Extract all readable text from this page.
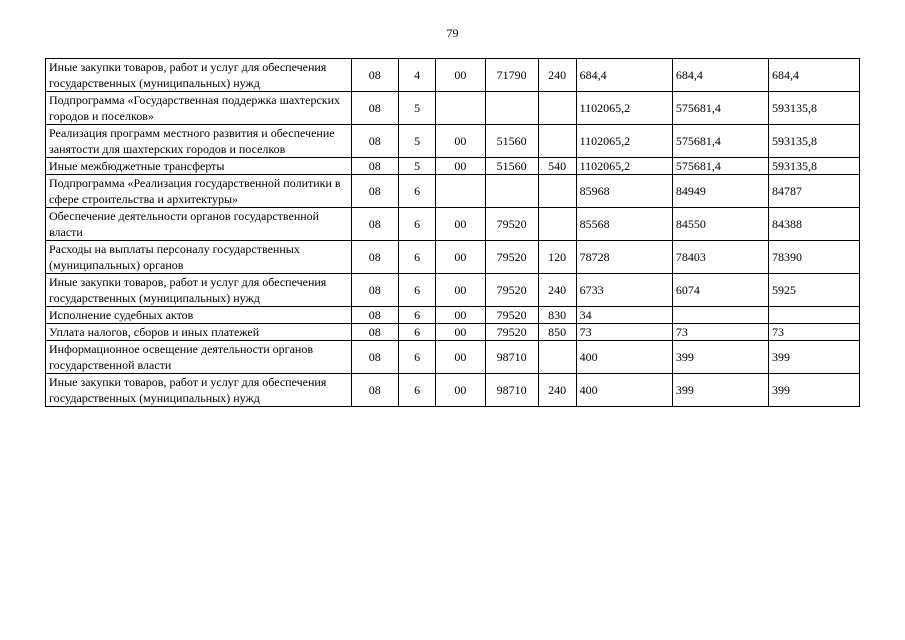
79
Иные закупки товаров, работ и услуг для обеспечения государственных (муниципальных) нужд	08	4	00	71790	240	684,4	684,4	684,4
Подпрограмма «Государственная поддержка шахтерских городов и поселков»	08	5				1102065,2	575681,4	593135,8
Реализация программ местного развития и обеспечение занятости для шахтерских городов и поселков	08	5	00	51560		1102065,2	575681,4	593135,8
Иные межбюджетные трансферты	08	5	00	51560	540	1102065,2	575681,4	593135,8
Подпрограмма «Реализация государственной политики в сфере строительства и архитектуры»	08	6				85968	84949	84787
Обеспечение деятельности органов государственной власти	08	6	00	79520		85568	84550	84388
Расходы на выплаты персоналу государственных (муниципальных) органов	08	6	00	79520	120	78728	78403	78390
Иные закупки товаров, работ и услуг для обеспечения государственных (муниципальных) нужд	08	6	00	79520	240	6733	6074	5925
Исполнение судебных актов	08	6	00	79520	830	34		
Уплата налогов, сборов и иных платежей	08	6	00	79520	850	73	73	73
Информационное освещение деятельности органов государственной власти	08	6	00	98710		400	399	399
Иные закупки товаров, работ и услуг для обеспечения государственных (муниципальных) нужд	08	6	00	98710	240	400	399	399
